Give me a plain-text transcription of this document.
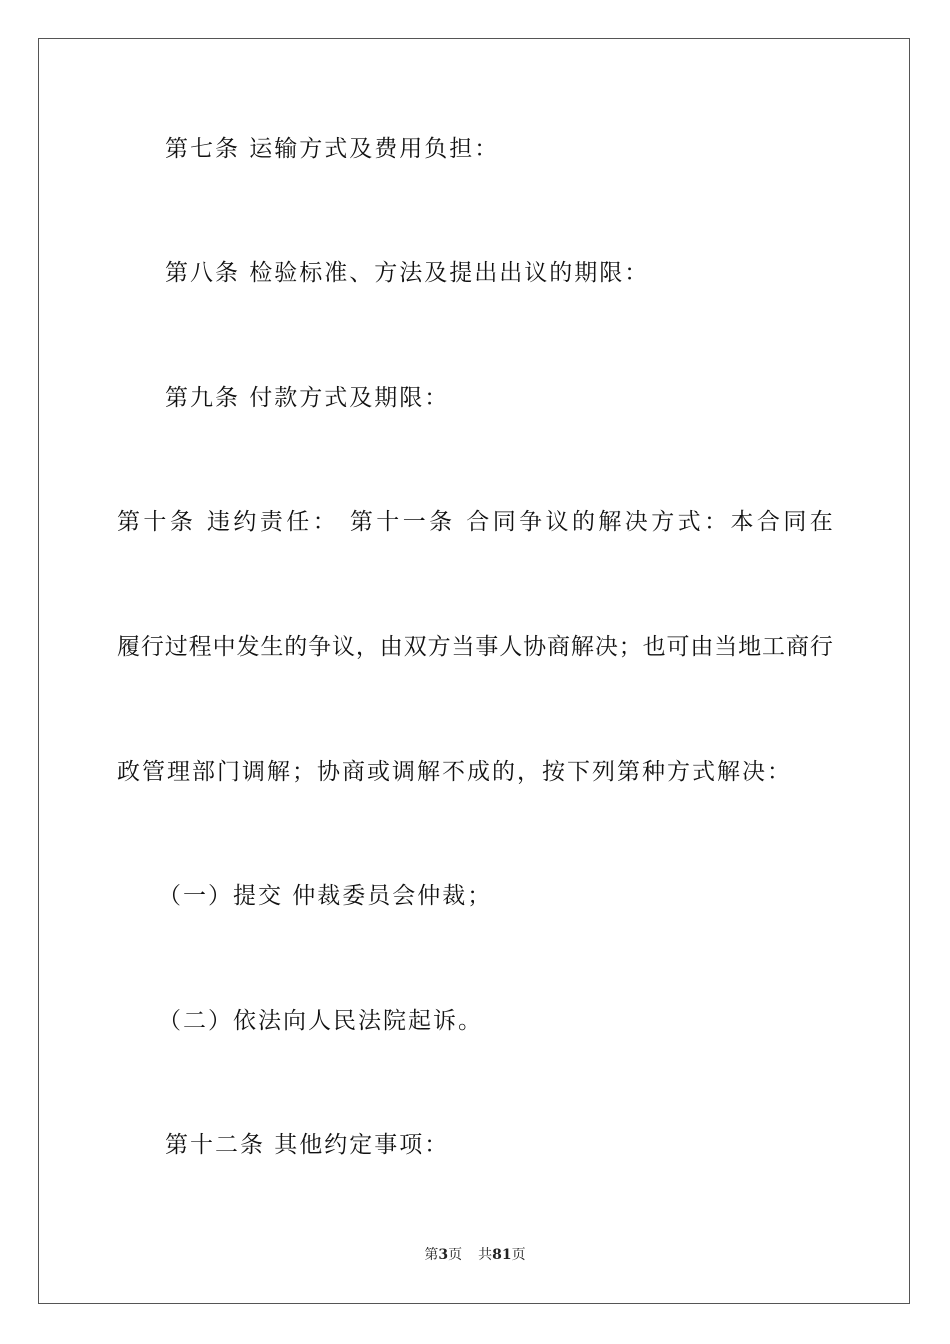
第七条 运输方式及费用负担：
第八条 检验标准、方法及提出出议的期限：
第九条 付款方式及期限：
第 十 条
违 约 责 任 ：
第 十 一 条
合 同 争 议 的 解 决 方 式 ： 本 合 同 在
履 行 过 程 中 发 生 的 争 议 ， 由 双 方 当 事 人 协 商 解 决 ； 也 可 由 当 地 工 商 行
政管理部门调解；协商或调解不成的，按下列第种方式解决：
（一）提交 仲裁委员会仲裁；
（二）依法向人民法院起诉。
第十二条 其他约定事项：
第3页 共81页
